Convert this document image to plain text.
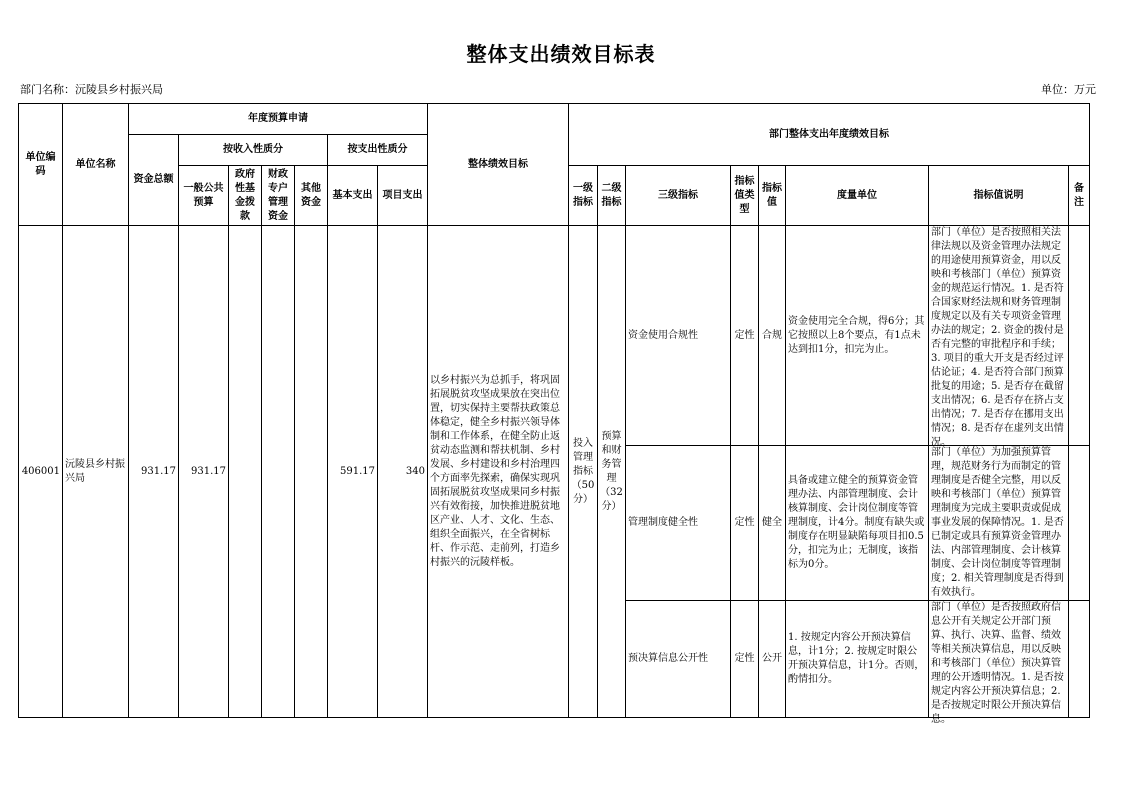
整体支出绩效目标表
部门名称：沅陵县乡村振兴局	单位：万元
单位编码	单位名称	年度预算申请							整体绩效目标	部门整体支出年度绩效目标							
		资金总额	按收入性质分				按支出性质分										
			一般公共预算	政府性基金拨款	财政专户管理资金	其他资金	基本支出	项目支出		一级指标	二级指标	三级指标	指标值类型	指标值	度量单位	指标值说明	备注

406001	沅陵县乡村振兴局	931.17	931.17				591.17	340	以乡村振兴为总抓手，将巩固拓展脱贫攻坚成果放在突出位置，切实保持主要帮扶政策总体稳定，健全乡村振兴领导体制和工作体系，在健全防止返贫动态监测和帮扶机制、乡村发展、乡村建设和乡村治理四个方面率先探索，确保实现巩固拓展脱贫攻坚成果同乡村振兴有效衔接，加快推进脱贫地区产业、人才、文化、生态、组织全面振兴，在全省树标杆、作示范、走前列，打造乡村振兴的沅陵样板。	投入管理指标（50分）	预算和财务管理（32分）	资金使用合规性	定性	合规	资金使用完全合规，得6分；其它按照以上8个要点，有1点未达到扣1分，扣完为止。	部门（单位）是否按照相关法律法规以及资金管理办法规定的用途使用预算资金，用以反映和考核部门（单位）预算资金的规范运行情况。1. 是否符合国家财经法规和财务管理制度规定以及有关专项资金管理办法的规定；2. 资金的拨付是否有完整的审批程序和手续；3. 项目的重大开支是否经过评估论证；4. 是否符合部门预算批复的用途；5. 是否存在截留支出情况；6. 是否存在挤占支出情况；7. 是否存在挪用支出情况；8. 是否存在虚列支出情况。	

												管理制度健全性	定性	健全	具备或建立健全的预算资金管理办法、内部管理制度、会计核算制度、会计岗位制度等管理制度，计4分。制度有缺失或制度存在明显缺陷每项目扣0.5分，扣完为止；无制度，该指标为0分。	部门（单位）为加强预算管理，规范财务行为而制定的管理制度是否健全完整，用以反映和考核部门（单位）预算管理制度为完成主要职责或促成事业发展的保障情况。1. 是否已制定或具有预算资金管理办法、内部管理制度、会计核算制度、会计岗位制度等管理制度；2. 相关管理制度是否得到有效执行。	

												预决算信息公开性	定性	公开	1. 按规定内容公开预决算信息，计1分；2. 按规定时限公开预决算信息，计1分。否则，酌情扣分。	部门（单位）是否按照政府信息公开有关规定公开部门预算、执行、决算、监督、绩效等相关预决算信息，用以反映和考核部门（单位）预决算管理的公开透明情况。1. 是否按规定内容公开预决算信息；2. 是否按规定时限公开预决算信息。	
